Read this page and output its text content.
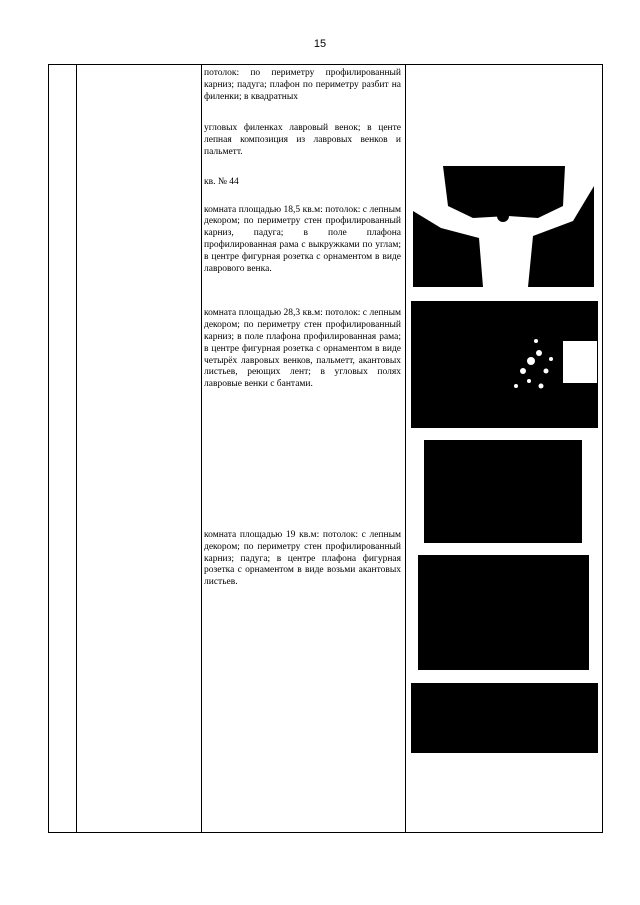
15

потолок: по периметру профилированный карниз; падуга; плафон по периметру разбит на филенки; в квадратных

угловых филенках лавровый венок; в центе лепная композиция из лавровых венков и пальметт.

кв. № 44

комната площадью 18,5 кв.м: потолок: с лепным декором; по периметру стен профилированный карниз, падуга; в поле плафона профилированная рама с выкружками по углам; в центре фигурная розетка с орнаментом в виде лаврового венка.

комната площадью 28,3 кв.м: потолок: с лепным декором; по периметру стен профилированный карниз; в поле плафона профилированная рама; в центре фигурная розетка с орнаментом в виде четырёх лавровых венков, пальметт, акантовых листьев, реющих лент; в угловых полях лавровые венки с бантами.

комната площадью 19 кв.м: потолок: с лепным декором; по периметру стен профилированный карниз; падуга; в центре плафона фигурная розетка с орнаментом в виде возьми акантовых листьев.
